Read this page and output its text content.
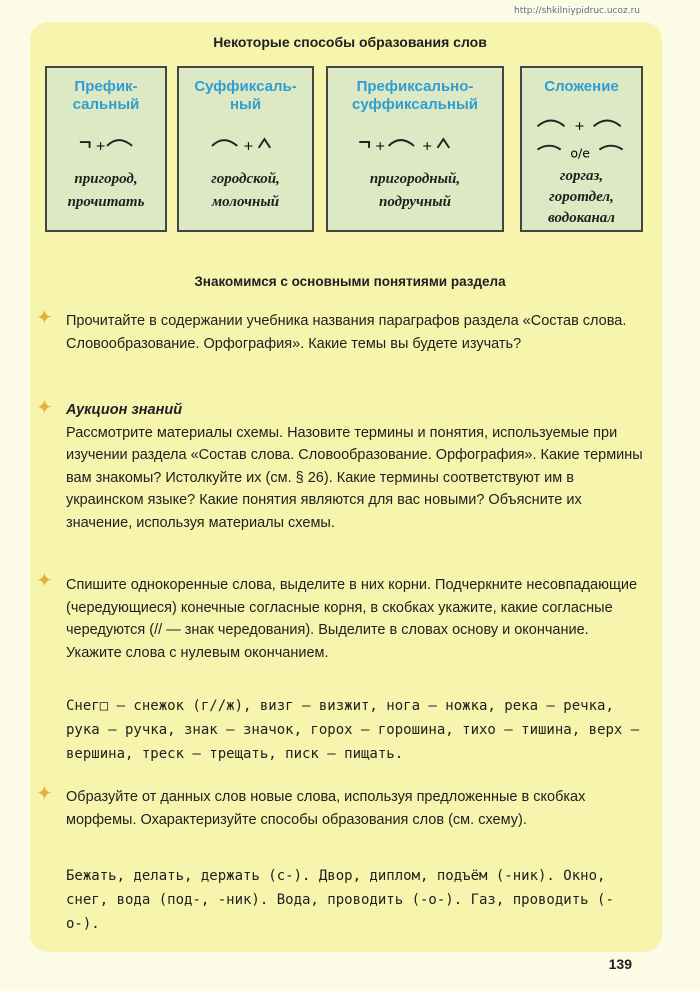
http://shkilniypidruc.ucoz.ru
Некоторые способы образования слов
Префик-
сальный
+
пригород,
прочитать
Суффиксаль-
ный
+
городской,
молочный
Префиксально-
суффиксальный
+	+
пригородный,
подручный
Сложение
+
о/е
горгаз,
горотдел,
водоканал
Знакомимся с основными понятиями раздела
✦ Прочитайте в содержании учебника названия параграфов раздела «Состав слова. Словообразование. Орфография». Какие темы вы будете изучать?

✦ Аукцион знаний

Рассмотрите материалы схемы. Назовите термины и понятия, используемые при изучении раздела «Состав слова. Словообразование. Орфография». Какие термины вам знакомы? Истолкуйте их (см. § 26). Какие термины соответствуют им в украинском языке? Какие понятия являются для вас новыми? Объясните их значение, используя материалы схемы.

✦ Спишите однокоренные слова, выделите в них корни. Подчеркните несовпадающие (чередующиеся) конечные согласные корня, в скобках укажите, какие согласные чередуются (// — знак чередования). Выделите в словах основу и окончание. Укажите слова с нулевым окончанием.

Снег□ — снежок (г//ж), визг — визжит, нога — ножка, река — речка, рука — ручка, знак — значок, горох — горошина, тихо — тишина, верх — вершина, треск — трещать, писк — пищать.

✦ Образуйте от данных слов новые слова, используя предложенные в скобках морфемы. Охарактеризуйте способы образования слов (см. схему).

Бежать, делать, держать (с-). Двор, диплом, подъём (-ник). Окно, снег, вода (под-, -ник). Вода, проводить (-о-). Газ, проводить (-о-).

139
